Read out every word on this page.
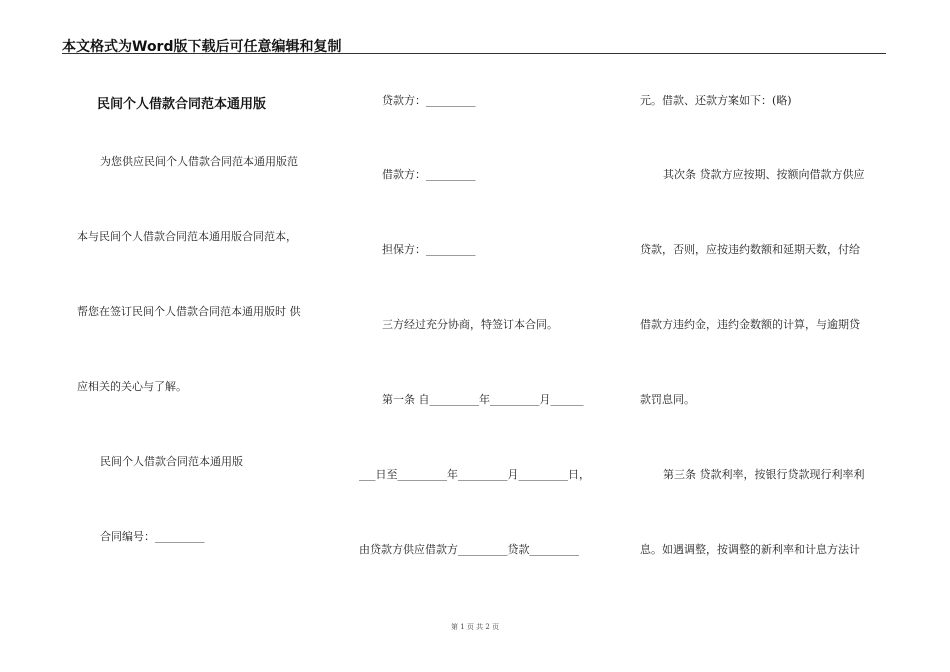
本文格式为Word版下载后可任意编辑和复制
民间个人借款合同范本通用版
为您供应民间个人借款合同范本通用版范
本与民间个人借款合同范本通用版合同范本，
帮您在签订民间个人借款合同范本通用版时 供
应相关的关心与了解。
民间个人借款合同范本通用版
合同编号：_________
贷款方：_________
借款方：_________
担保方：_________
三方经过充分协商，特签订本合同。
第一条 自_________年_________月______
___日至_________年_________月_________日，
由贷款方供应借款方_________贷款_________
元。借款、还款方案如下：(略)
其次条 贷款方应按期、按额向借款方供应
贷款，否则，应按违约数额和延期天数，付给
借款方违约金，违约金数额的计算，与逾期贷
款罚息同。
第三条 贷款利率，按银行贷款现行利率利
息。如遇调整，按调整的新利率和计息方法计
第 1 页 共 2 页
